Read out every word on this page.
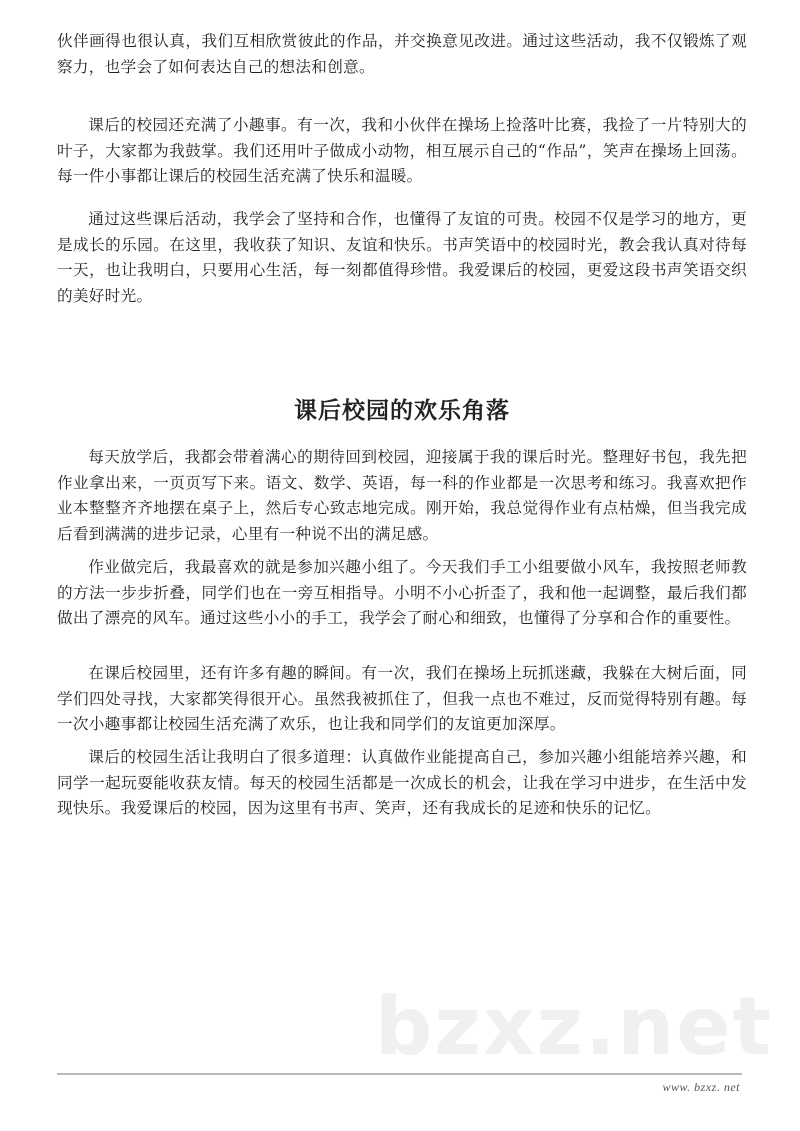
伙伴画得也很认真，我们互相欣赏彼此的作品，并交换意见改进。通过这些活动，我不仅锻炼了观察力，也学会了如何表达自己的想法和创意。

课后的校园还充满了小趣事。有一次，我和小伙伴在操场上捡落叶比赛，我捡了一片特别大的叶子，大家都为我鼓掌。我们还用叶子做成小动物，相互展示自己的“作品”，笑声在操场上回荡。每一件小事都让课后的校园生活充满了快乐和温暖。

通过这些课后活动，我学会了坚持和合作，也懂得了友谊的可贵。校园不仅是学习的地方，更是成长的乐园。在这里，我收获了知识、友谊和快乐。书声笑语中的校园时光，教会我认真对待每一天，也让我明白，只要用心生活，每一刻都值得珍惜。我爱课后的校园，更爱这段书声笑语交织的美好时光。

课后校园的欢乐角落

每天放学后，我都会带着满心的期待回到校园，迎接属于我的课后时光。整理好书包，我先把作业拿出来，一页页写下来。语文、数学、英语，每一科的作业都是一次思考和练习。我喜欢把作业本整整齐齐地摆在桌子上，然后专心致志地完成。刚开始，我总觉得作业有点枯燥，但当我完成后看到满满的进步记录，心里有一种说不出的满足感。

作业做完后，我最喜欢的就是参加兴趣小组了。今天我们手工小组要做小风车，我按照老师教的方法一步步折叠，同学们也在一旁互相指导。小明不小心折歪了，我和他一起调整，最后我们都做出了漂亮的风车。通过这些小小的手工，我学会了耐心和细致，也懂得了分享和合作的重要性。

在课后校园里，还有许多有趣的瞬间。有一次，我们在操场上玩抓迷藏，我躲在大树后面，同学们四处寻找，大家都笑得很开心。虽然我被抓住了，但我一点也不难过，反而觉得特别有趣。每一次小趣事都让校园生活充满了欢乐，也让我和同学们的友谊更加深厚。

课后的校园生活让我明白了很多道理：认真做作业能提高自己，参加兴趣小组能培养兴趣，和同学一起玩耍能收获友情。每天的校园生活都是一次成长的机会，让我在学习中进步，在生活中发现快乐。我爱课后的校园，因为这里有书声、笑声，还有我成长的足迹和快乐的记忆。

bzxz.net
www. bzxz. net
